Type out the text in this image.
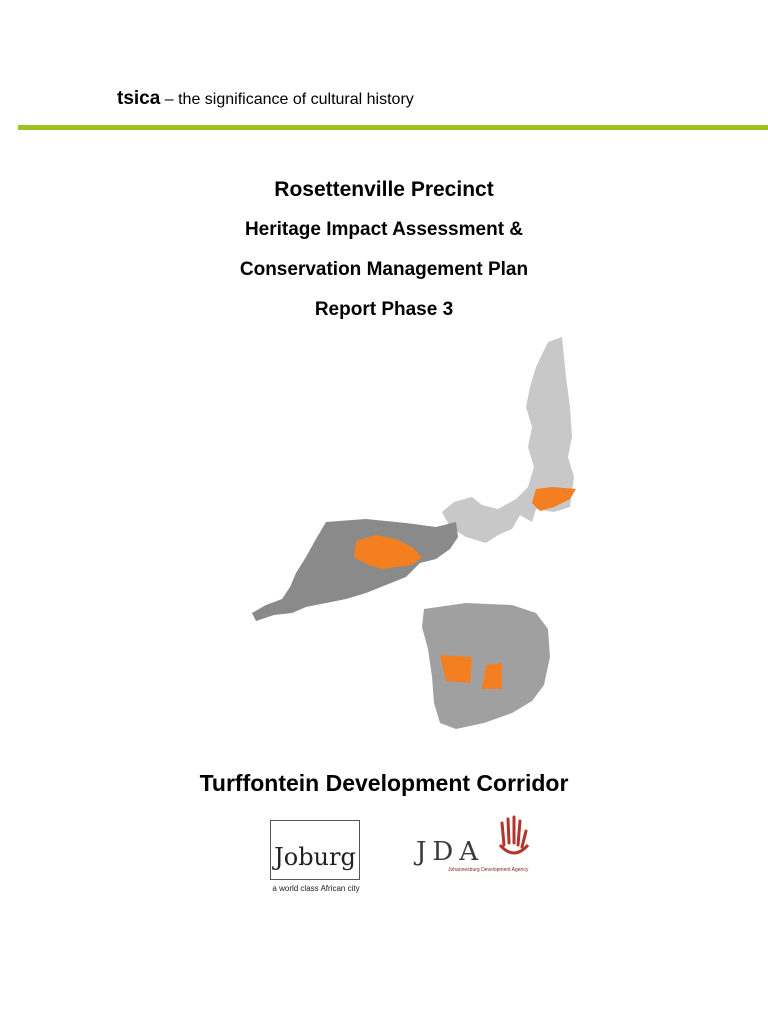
tsica – the significance of cultural history
Rosettenville Precinct
Heritage Impact Assessment &
Conservation Management Plan
Report Phase 3
Turffontein Development Corridor
Joburg
a world class African city
JDA
Johannesburg Development Agency
